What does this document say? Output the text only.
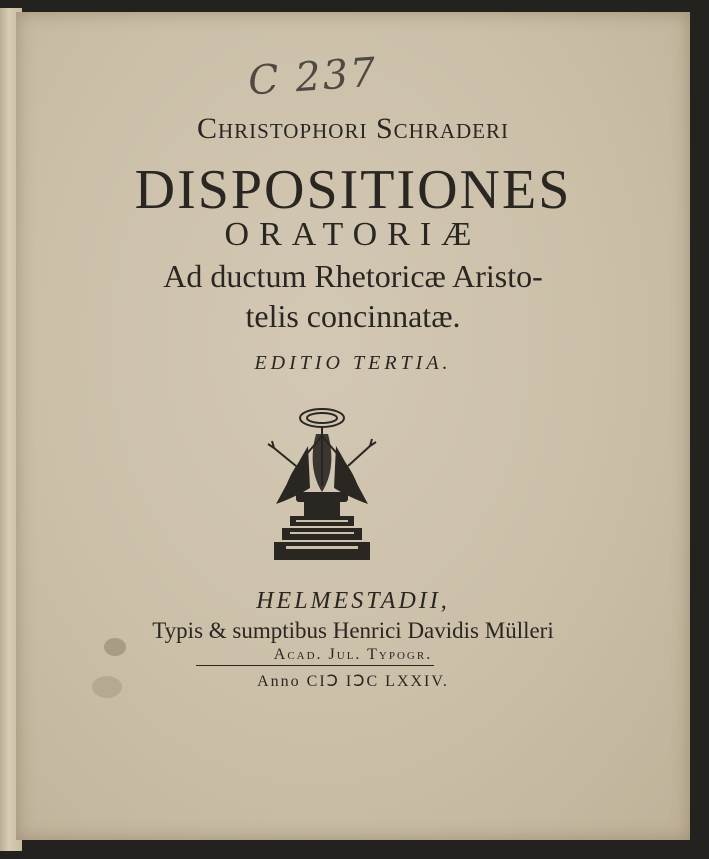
C 237
Christophori Schraderi
DISPOSITIONES
ORATORIÆ
Ad ductum Rhetoricæ Aristo-
telis concinnatæ.
EDITIO TERTIA.
HELMESTADII,
Typis & sumptibus Henrici Davidis Mülleri
Acad. Jul. Typogr.
Anno CIↃ IↃC LXXIV.
